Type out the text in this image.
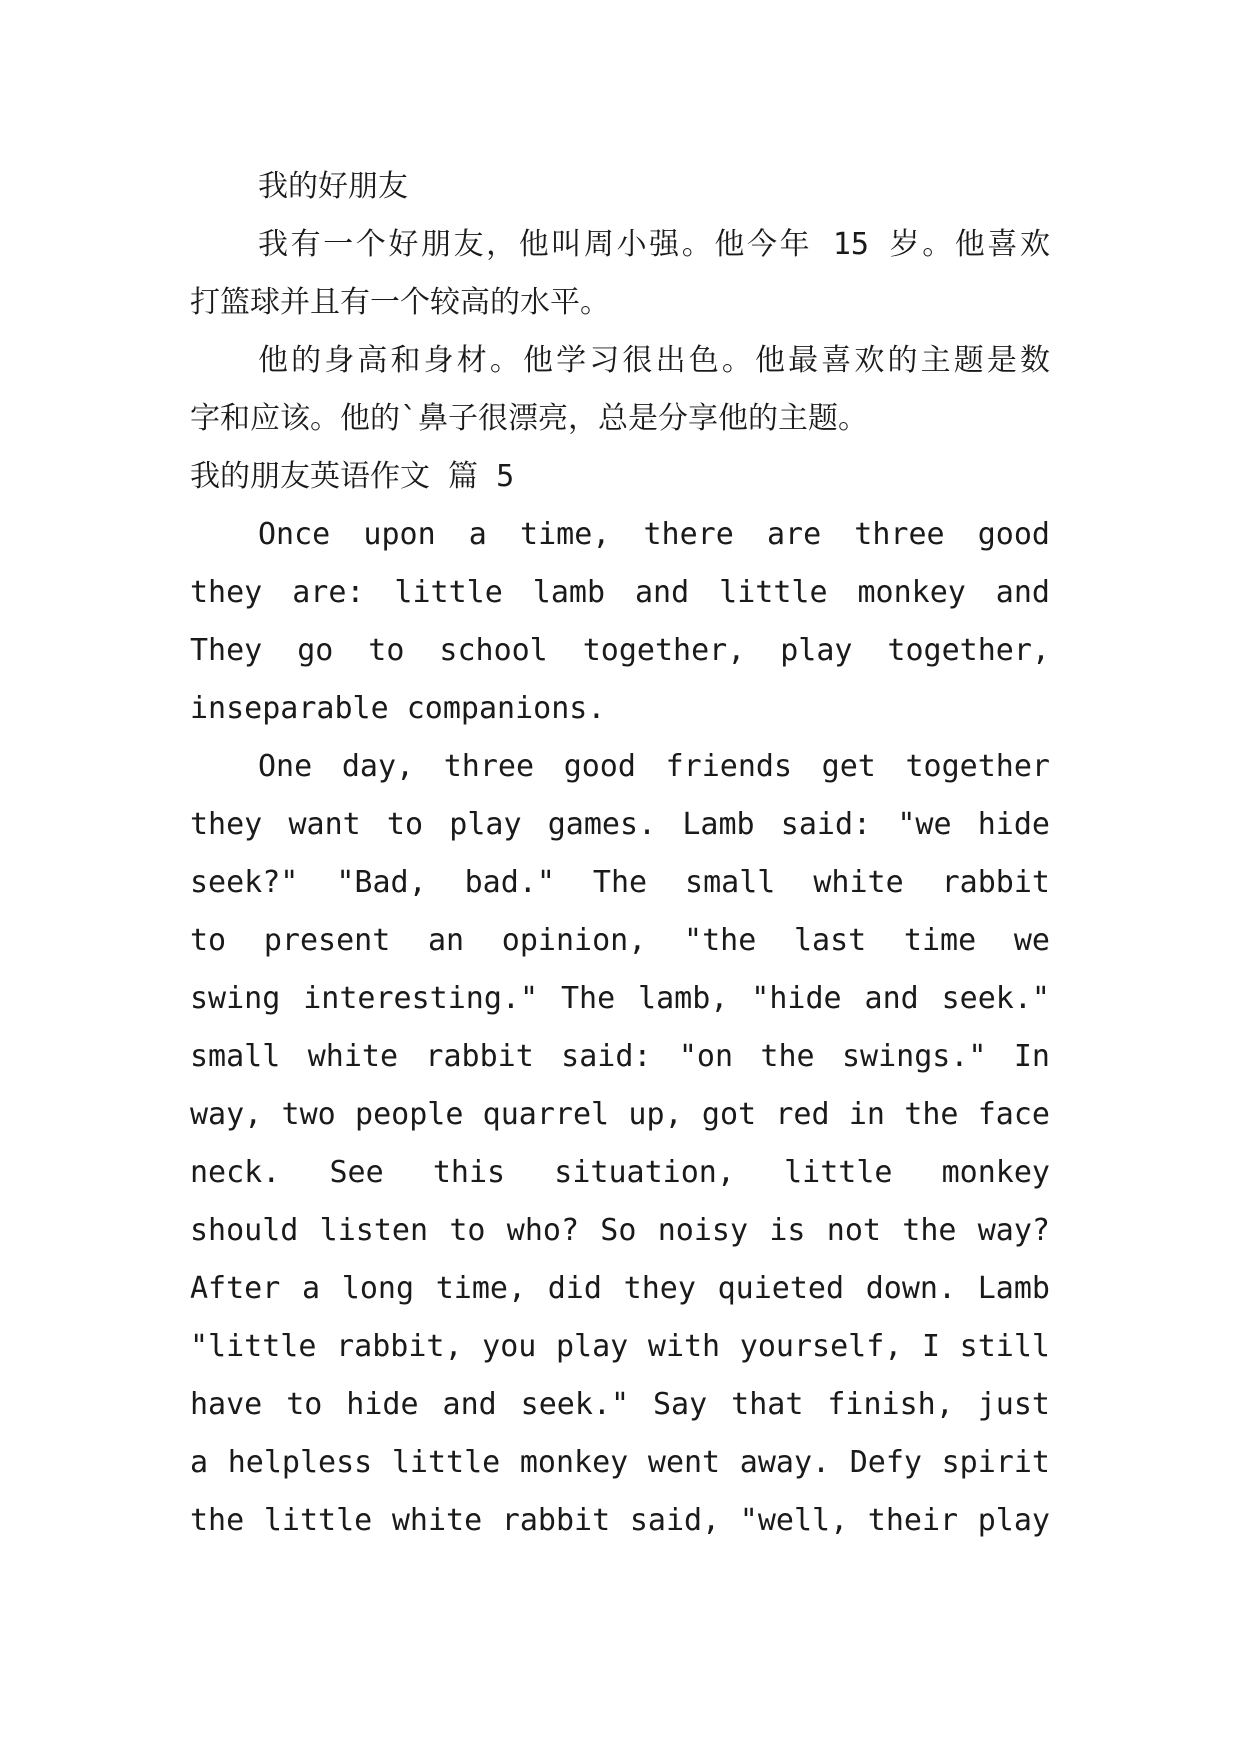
我的好朋友
我有一个好朋友，他叫周小强。他今年 15 岁。他喜欢
打篮球并且有一个较高的水平。
他的身高和身材。他学习很出色。他最喜欢的主题是数
字和应该。他的`鼻子很漂亮，总是分享他的主题。
我的朋友英语作文 篇 5
Once upon a time, there are three good
they are: little lamb and little monkey and
They go to school together, play together,
inseparable companions.
One day, three good friends get together
they want to play games. Lamb said: "we hide
seek?" "Bad, bad." The small white rabbit
to present an opinion, "the last time we
swing interesting." The lamb, "hide and seek."
small white rabbit said: "on the swings." In
way, two people quarrel up, got red in the face
neck. See this situation, little monkey
should listen to who? So noisy is not the way?
After a long time, did they quieted down. Lamb
"little rabbit, you play with yourself, I still
have to hide and seek." Say that finish, just
a helpless little monkey went away. Defy spirit
the little white rabbit said, "well, their play
